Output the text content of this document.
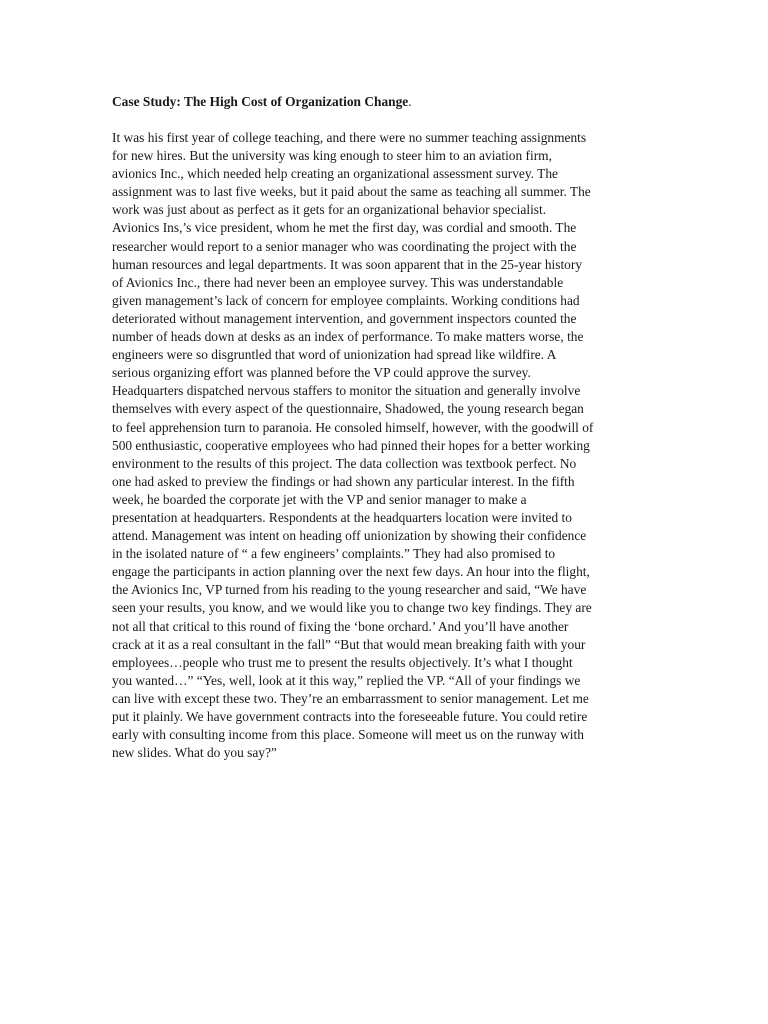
Case Study: The High Cost of Organization Change.
It was his first year of college teaching, and there were no summer teaching assignments
for new hires. But the university was king enough to steer him to an aviation firm,
avionics Inc., which needed help creating an organizational assessment survey. The
assignment was to last five weeks, but it paid about the same as teaching all summer. The
work was just about as perfect as it gets for an organizational behavior specialist.
Avionics Ins,’s vice president, whom he met the first day, was cordial and smooth. The
researcher would report to a senior manager who was coordinating the project with the
human resources and legal departments. It was soon apparent that in the 25-year history
of Avionics Inc., there had never been an employee survey. This was understandable
given management’s lack of concern for employee complaints. Working conditions had
deteriorated without management intervention, and government inspectors counted the
number of heads down at desks as an index of performance. To make matters worse, the
engineers were so disgruntled that word of unionization had spread like wildfire. A
serious organizing effort was planned before the VP could approve the survey.
Headquarters dispatched nervous staffers to monitor the situation and generally involve
themselves with every aspect of the questionnaire, Shadowed, the young research began
to feel apprehension turn to paranoia. He consoled himself, however, with the goodwill of
500 enthusiastic, cooperative employees who had pinned their hopes for a better working
environment to the results of this project. The data collection was textbook perfect. No
one had asked to preview the findings or had shown any particular interest. In the fifth
week, he boarded the corporate jet with the VP and senior manager to make a
presentation at headquarters. Respondents at the headquarters location were invited to
attend. Management was intent on heading off unionization by showing their confidence
in the isolated nature of “ a few engineers’ complaints.” They had also promised to
engage the participants in action planning over the next few days. An hour into the flight,
the Avionics Inc, VP turned from his reading to the young researcher and said, “We have
seen your results, you know, and we would like you to change two key findings. They are
not all that critical to this round of fixing the ‘bone orchard.’ And you’ll have another
crack at it as a real consultant in the fall” “But that would mean breaking faith with your
employees…people who trust me to present the results objectively. It’s what I thought
you wanted…” “Yes, well, look at it this way,” replied the VP. “All of your findings we
can live with except these two. They’re an embarrassment to senior management. Let me
put it plainly. We have government contracts into the foreseeable future. You could retire
early with consulting income from this place. Someone will meet us on the runway with
new slides. What do you say?”
